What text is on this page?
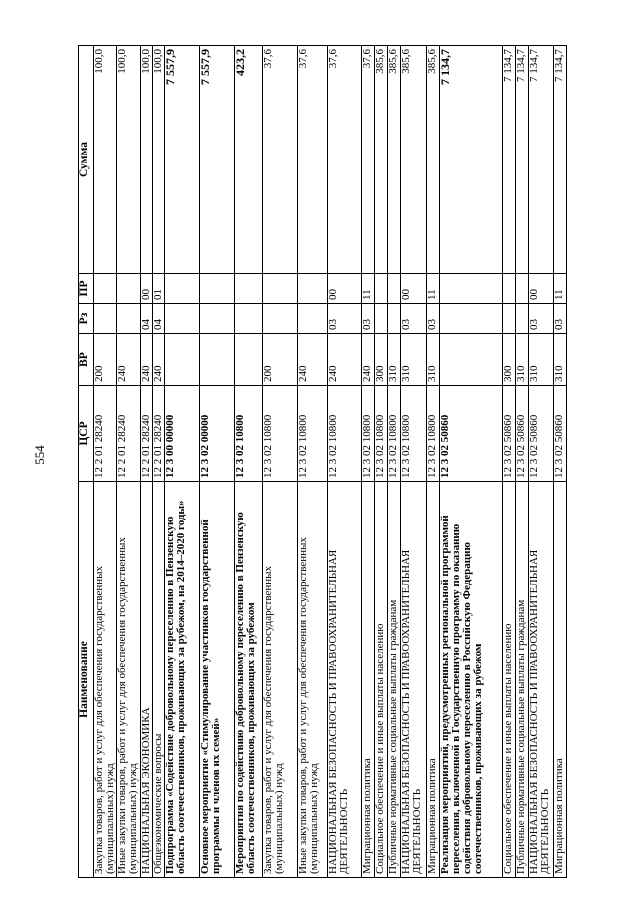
554
Наименование	ЦСР	ВР	Рз	ПР	Сумма
Закупка товаров, работ и услуг для обеспечения государственных (муниципальных) нужд	12 2 01 28240	200			100,0
Иные закупки товаров, работ и услуг для обеспечения государственных (муниципальных) нужд	12 2 01 28240	240			100,0
НАЦИОНАЛЬНАЯ ЭКОНОМИКА	12 2 01 28240	240	04	00	100,0
Общеэкономические вопросы	12 2 01 28240	240	04	01	100,0
Подпрограмма «Содействие добровольному переселению в Пензенскую область соотечественников, проживающих за рубежом, на 2014–2020 годы»	12 3 00 00000				7 557,9
Основное мероприятие «Стимулирование участников государственной программы и членов их семей»	12 3 02 00000				7 557,9
Мероприятия по содействию добровольному переселению в Пензенскую область соотечественников, проживающих за рубежом	12 3 02 10800				423,2
Закупка товаров, работ и услуг для обеспечения государственных (муниципальных) нужд	12 3 02 10800	200			37,6
Иные закупки товаров, работ и услуг для обеспечения государственных (муниципальных) нужд	12 3 02 10800	240			37,6
НАЦИОНАЛЬНАЯ БЕЗОПАСНОСТЬ И ПРАВООХРАНИТЕЛЬНАЯ ДЕЯТЕЛЬНОСТЬ	12 3 02 10800	240	03	00	37,6
Миграционная политика	12 3 02 10800	240	03	11	37,6
Социальное обеспечение и иные выплаты населению	12 3 02 10800	300			385,6
Публичные нормативные социальные выплаты гражданам	12 3 02 10800	310			385,6
НАЦИОНАЛЬНАЯ БЕЗОПАСНОСТЬ И ПРАВООХРАНИТЕЛЬНАЯ ДЕЯТЕЛЬНОСТЬ	12 3 02 10800	310	03	00	385,6
Миграционная политика	12 3 02 10800	310	03	11	385,6
Реализация мероприятий, предусмотренных региональной программой переселения, включенной в Государственную программу по оказанию содействия добровольному переселению в Российскую Федерацию соотечественников, проживающих за рубежом	12 3 02 50860				7 134,7
Социальное обеспечение и иные выплаты населению	12 3 02 50860	300			7 134,7
Публичные нормативные социальные выплаты гражданам	12 3 02 50860	310			7 134,7
НАЦИОНАЛЬНАЯ БЕЗОПАСНОСТЬ И ПРАВООХРАНИТЕЛЬНАЯ ДЕЯТЕЛЬНОСТЬ	12 3 02 50860	310	03	00	7 134,7
Миграционная политика	12 3 02 50860	310	03	11	7 134,7
